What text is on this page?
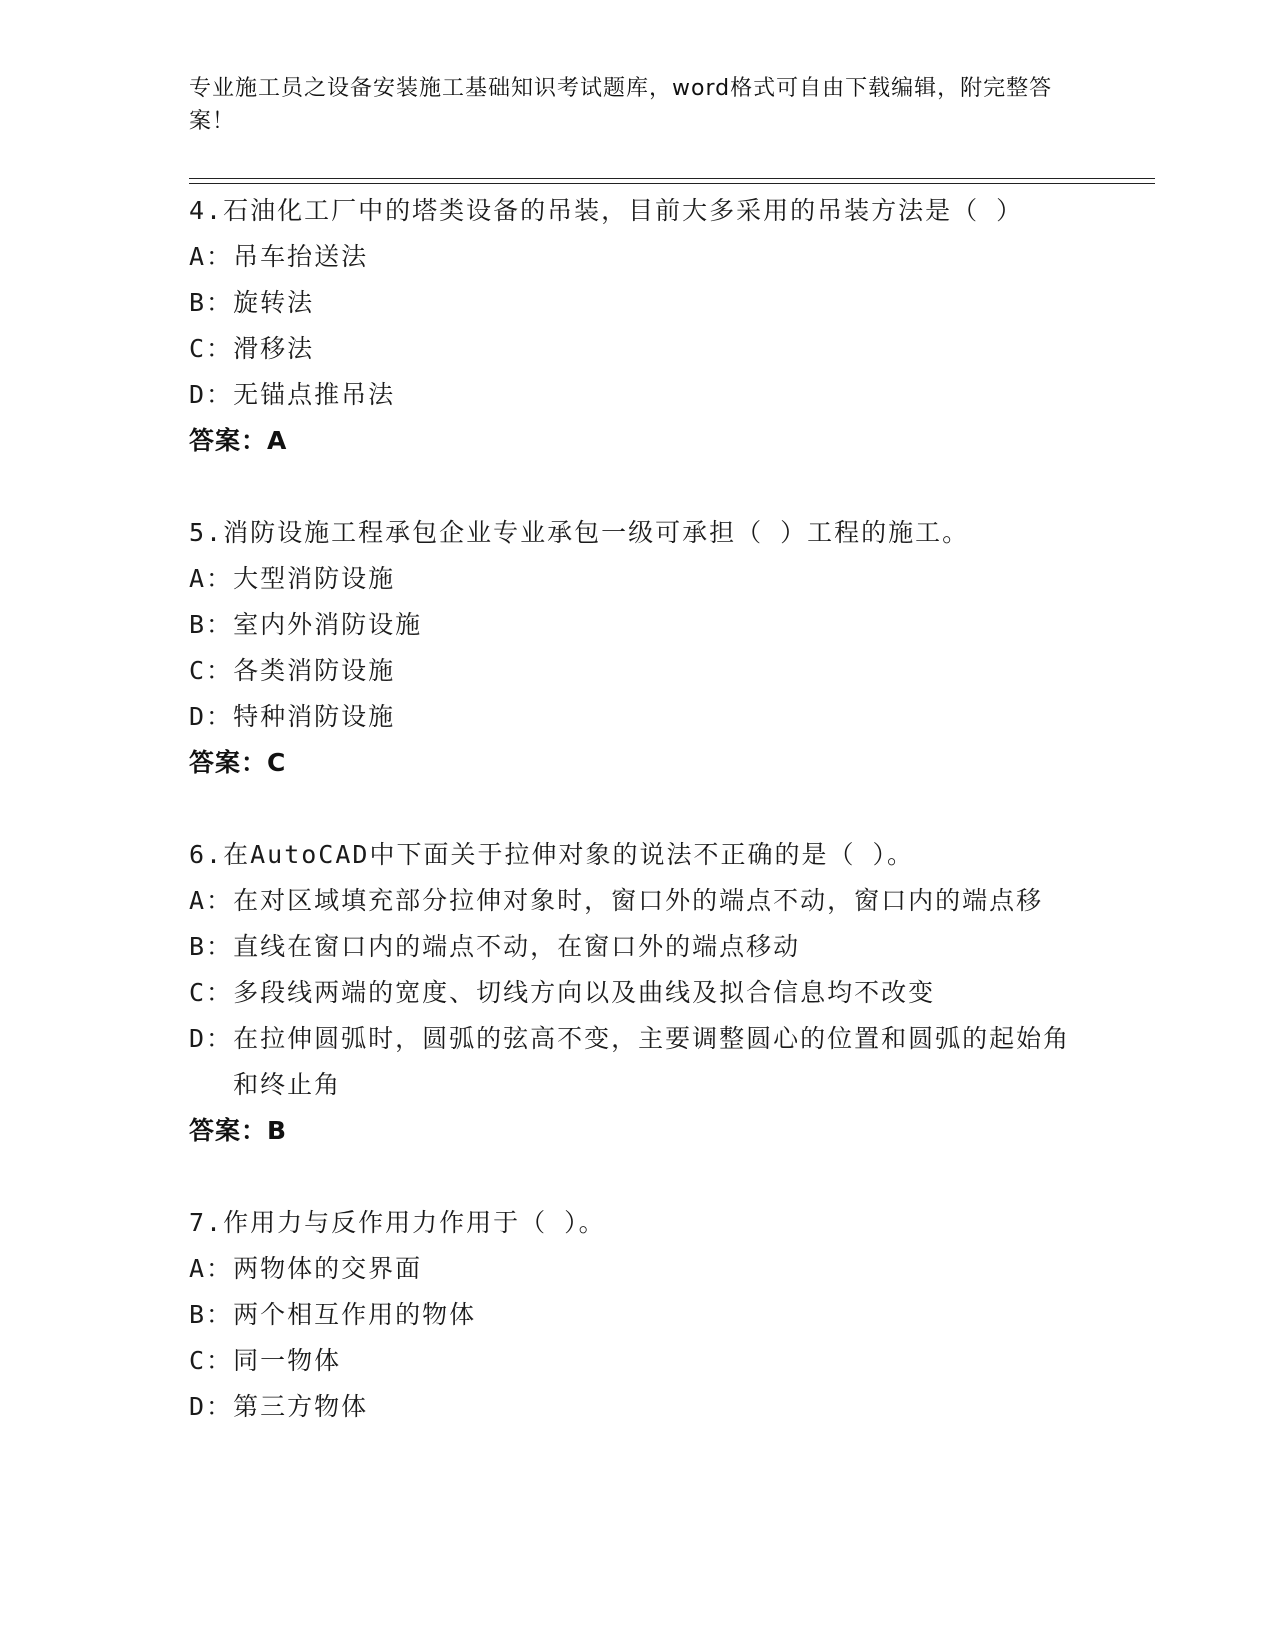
专业施工员之设备安装施工基础知识考试题库，word格式可自由下载编辑，附完整答案！
4.石油化工厂中的塔类设备的吊装，目前大多采用的吊装方法是（ ）
A： 吊车抬送法
B： 旋转法
C： 滑移法
D： 无锚点推吊法
答案：A
5.消防设施工程承包企业专业承包一级可承担（ ）工程的施工。
A： 大型消防设施
B： 室内外消防设施
C： 各类消防设施
D： 特种消防设施
答案：C
6.在AutoCAD中下面关于拉伸对象的说法不正确的是（ ）。
A： 在对区域填充部分拉伸对象时，窗口外的端点不动，窗口内的端点移
B： 直线在窗口内的端点不动，在窗口外的端点移动
C： 多段线两端的宽度、切线方向以及曲线及拟合信息均不改变
D： 在拉伸圆弧时，圆弧的弦高不变，主要调整圆心的位置和圆弧的起始角和终止角
答案：B
7.作用力与反作用力作用于（ ）。
A： 两物体的交界面
B： 两个相互作用的物体
C： 同一物体
D： 第三方物体
